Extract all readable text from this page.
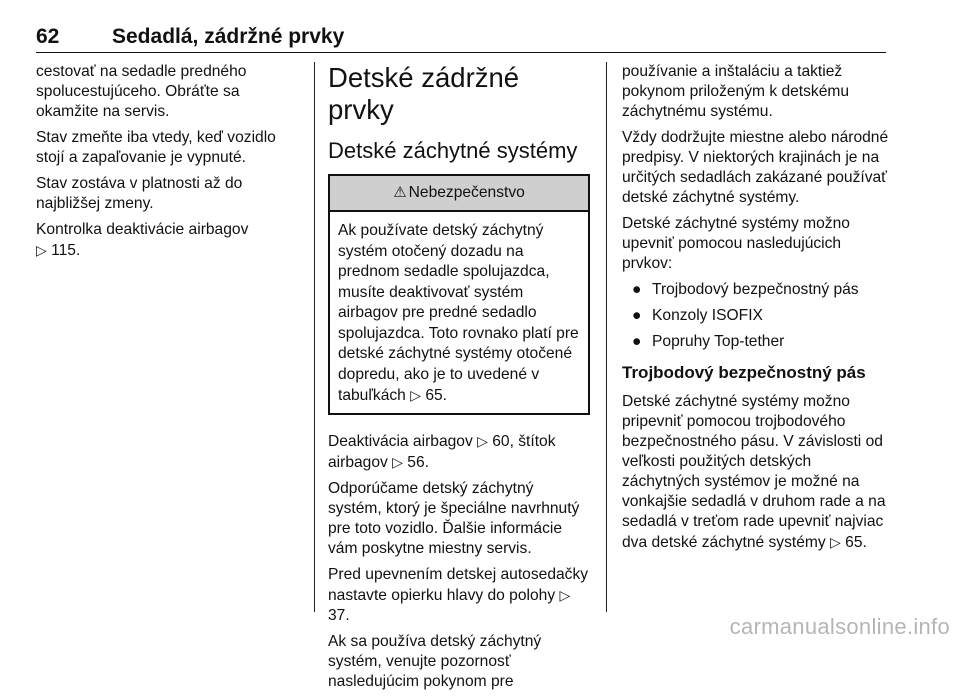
62	Sedadlá, zádržné prvky

cestovať na sedadle predného spolucestujúceho. Obráťte sa okamžite na servis.

Stav zmeňte iba vtedy, keď vozidlo stojí a zapaľovanie je vypnuté.

Stav zostáva v platnosti až do najbližšej zmeny.

Kontrolka deaktivácie airbagov
▷ 115.

Detské zádržné prvky
Detské záchytné systémy
⚠ Nebezpečenstvo
Ak používate detský záchytný systém otočený dozadu na prednom sedadle spolujazdca, musíte deaktivovať systém airbagov pre predné sedadlo spolujazdca. Toto rovnako platí pre detské záchytné systémy otočené dopredu, ako je to uvedené v tabuľkách ▷ 65.

Deaktivácia airbagov ▷ 60, štítok airbagov ▷ 56.

Odporúčame detský záchytný systém, ktorý je špeciálne navrhnutý pre toto vozidlo. Ďalšie informácie vám poskytne miestny servis.

Pred upevnením detskej autosedačky nastavte opierku hlavy do polohy ▷ 37.

Ak sa používa detský záchytný systém, venujte pozornosť nasledujúcim pokynom pre

používanie a inštaláciu a taktiež pokynom priloženým k detskému záchytnému systému.

Vždy dodržujte miestne alebo národné predpisy. V niektorých krajinách je na určitých sedadlách zakázané používať detské záchytné systémy.

Detské záchytné systémy možno upevniť pomocou nasledujúcich prvkov:

● Trojbodový bezpečnostný pás
● Konzoly ISOFIX
● Popruhy Top-tether
Trojbodový bezpečnostný pás

Detské záchytné systémy možno pripevniť pomocou trojbodového bezpečnostného pásu. V závislosti od veľkosti použitých detských záchytných systémov je možné na vonkajšie sedadlá v druhom rade a na sedadlá v treťom rade upevniť najviac dva detské záchytné systémy ▷ 65.

carmanualsonline.info
